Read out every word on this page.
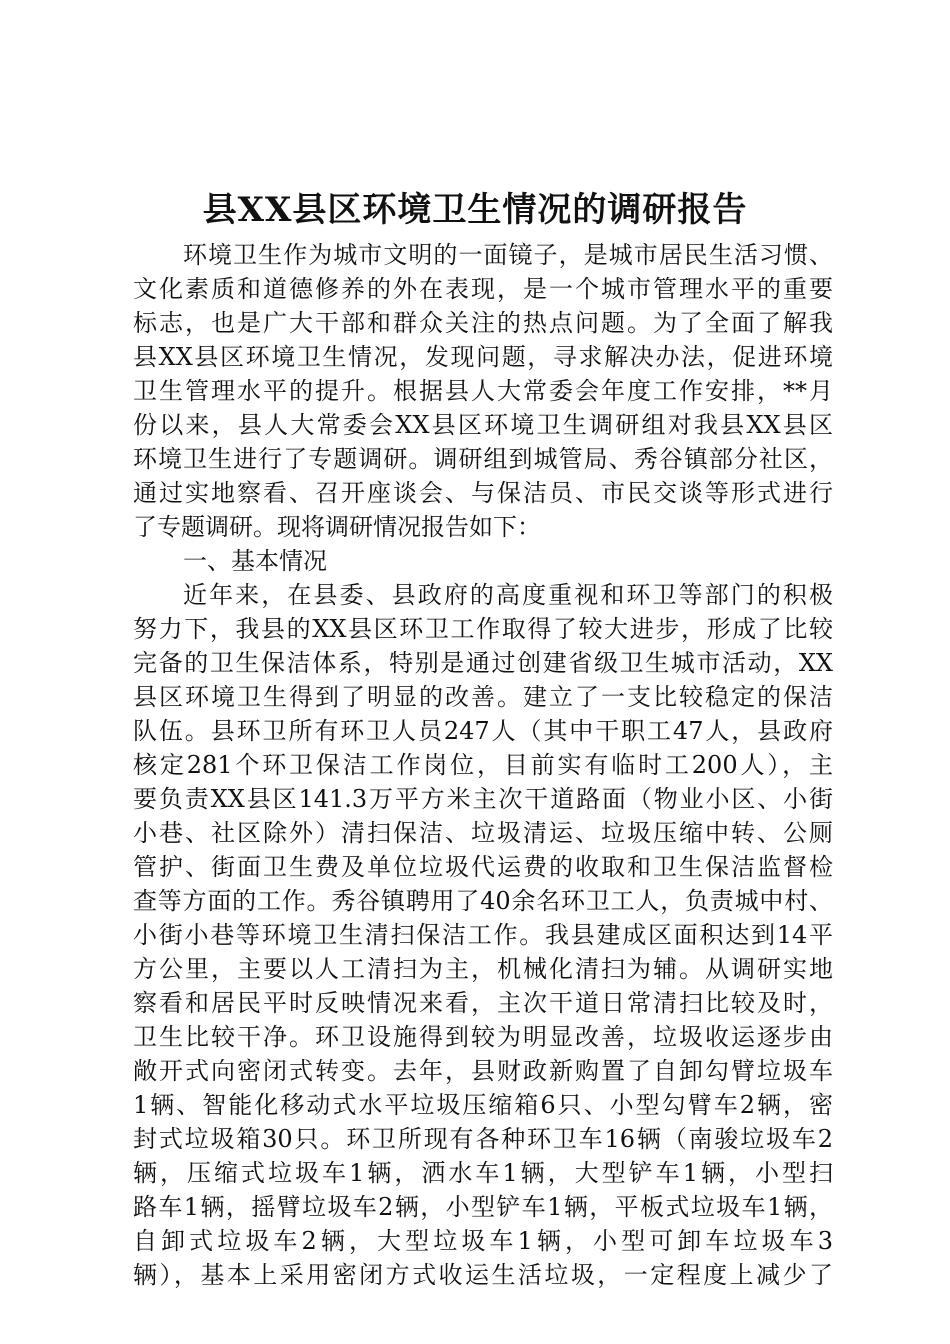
县XX县区环境卫生情况的调研报告
环境卫生作为城市文明的一面镜子，是城市居民生活习惯、
文化素质和道德修养的外在表现，是一个城市管理水平的重要
标志，也是广大干部和群众关注的热点问题。为了全面了解我
县XX县区环境卫生情况，发现问题，寻求解决办法，促进环境
卫生管理水平的提升。根据县人大常委会年度工作安排，**月
份以来，县人大常委会XX县区环境卫生调研组对我县XX县区
环境卫生进行了专题调研。调研组到城管局、秀谷镇部分社区，
通过实地察看、召开座谈会、与保洁员、市民交谈等形式进行
了专题调研。现将调研情况报告如下：
一、基本情况
近年来，在县委、县政府的高度重视和环卫等部门的积极
努力下，我县的XX县区环卫工作取得了较大进步，形成了比较
完备的卫生保洁体系，特别是通过创建省级卫生城市活动，XX
县区环境卫生得到了明显的改善。建立了一支比较稳定的保洁
队伍。县环卫所有环卫人员247人（其中干职工47人，县政府
核定281个环卫保洁工作岗位，目前实有临时工200人），主
要负责XX县区141.3万平方米主次干道路面（物业小区、小街
小巷、社区除外）清扫保洁、垃圾清运、垃圾压缩中转、公厕
管护、街面卫生费及单位垃圾代运费的收取和卫生保洁监督检
查等方面的工作。秀谷镇聘用了40余名环卫工人，负责城中村、
小街小巷等环境卫生清扫保洁工作。我县建成区面积达到14平
方公里，主要以人工清扫为主，机械化清扫为辅。从调研实地
察看和居民平时反映情况来看，主次干道日常清扫比较及时，
卫生比较干净。环卫设施得到较为明显改善，垃圾收运逐步由
敞开式向密闭式转变。去年，县财政新购置了自卸勾臂垃圾车
1辆、智能化移动式水平垃圾压缩箱6只、小型勾臂车2辆，密
封式垃圾箱30只。环卫所现有各种环卫车16辆（南骏垃圾车2
辆，压缩式垃圾车1辆，洒水车1辆，大型铲车1辆，小型扫
路车1辆，摇臂垃圾车2辆，小型铲车1辆，平板式垃圾车1辆，
自卸式垃圾车2辆，大型垃圾车1辆，小型可卸车垃圾车3
辆），基本上采用密闭方式收运生活垃圾，一定程度上减少了
